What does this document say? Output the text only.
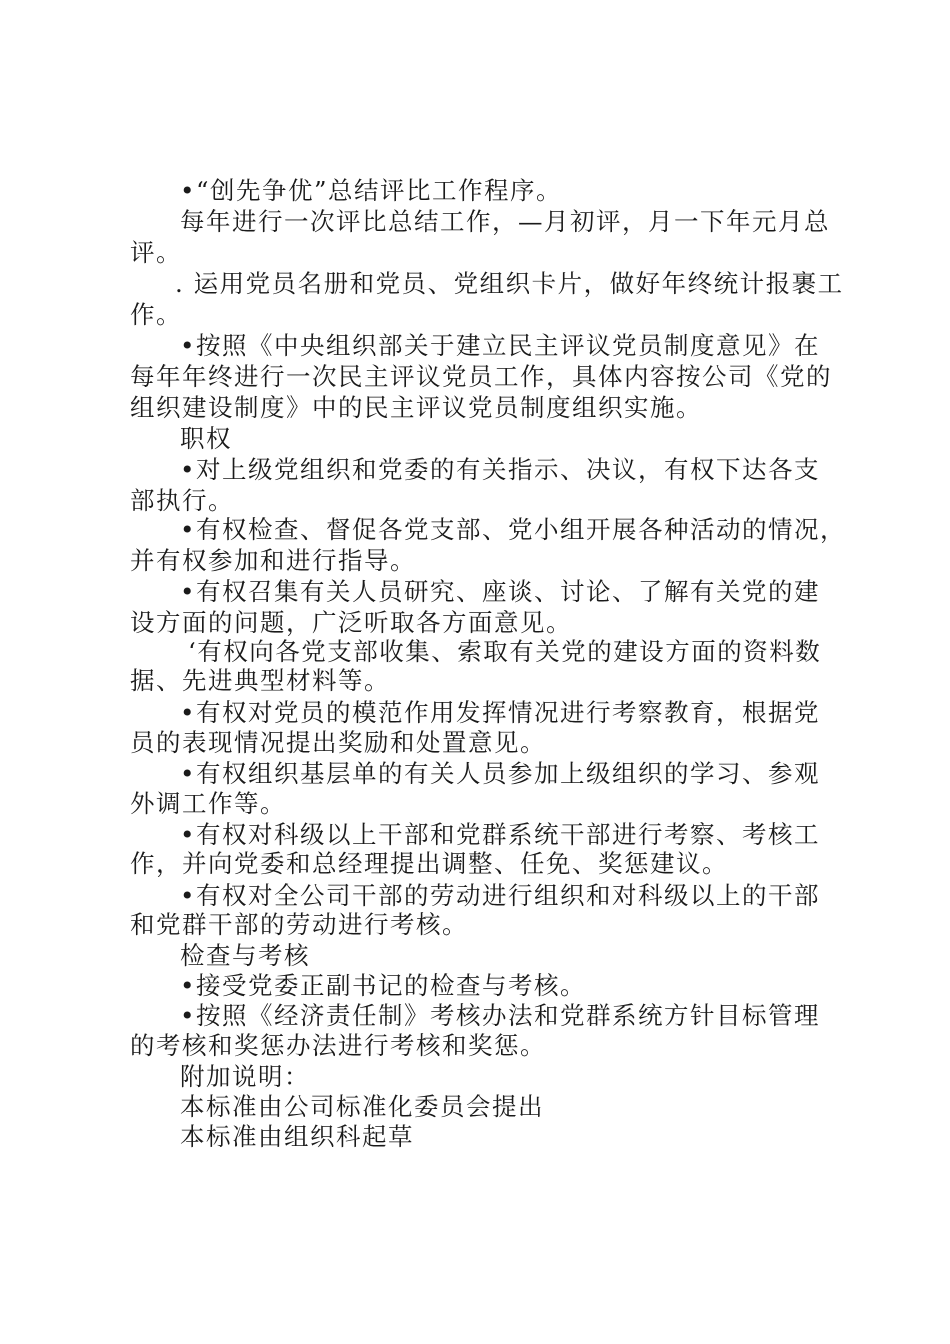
•“创先争优”总结评比工作程序。
每年进行一次评比总结工作，—月初评，月一下年元月总
评。
. 运用党员名册和党员、党组织卡片，做好年终统计报裹工
作。
•按照《中央组织部关于建立民主评议党员制度意见》在
每年年终进行一次民主评议党员工作，具体内容按公司《党的
组织建设制度》中的民主评议党员制度组织实施。
职权
•对上级党组织和党委的有关指示、决议，有权下达各支
部执行。
•有权检查、督促各党支部、党小组开展各种活动的情况，
并有权参加和进行指导。
•有权召集有关人员研究、座谈、讨论、了解有关党的建
设方面的问题，广泛听取各方面意见。
‘有权向各党支部收集、索取有关党的建设方面的资料数
据、先进典型材料等。
•有权对党员的模范作用发挥情况进行考察教育，根据党
员的表现情况提出奖励和处置意见。
•有权组织基层单的有关人员参加上级组织的学习、参观
外调工作等。
•有权对科级以上干部和党群系统干部进行考察、考核工
作，并向党委和总经理提出调整、任免、奖惩建议。
•有权对全公司干部的劳动进行组织和对科级以上的干部
和党群干部的劳动进行考核。
检查与考核
•接受党委正副书记的检查与考核。
•按照《经济责任制》考核办法和党群系统方针目标管理
的考核和奖惩办法进行考核和奖惩。
附加说明：
本标准由公司标准化委员会提出
本标准由组织科起草
